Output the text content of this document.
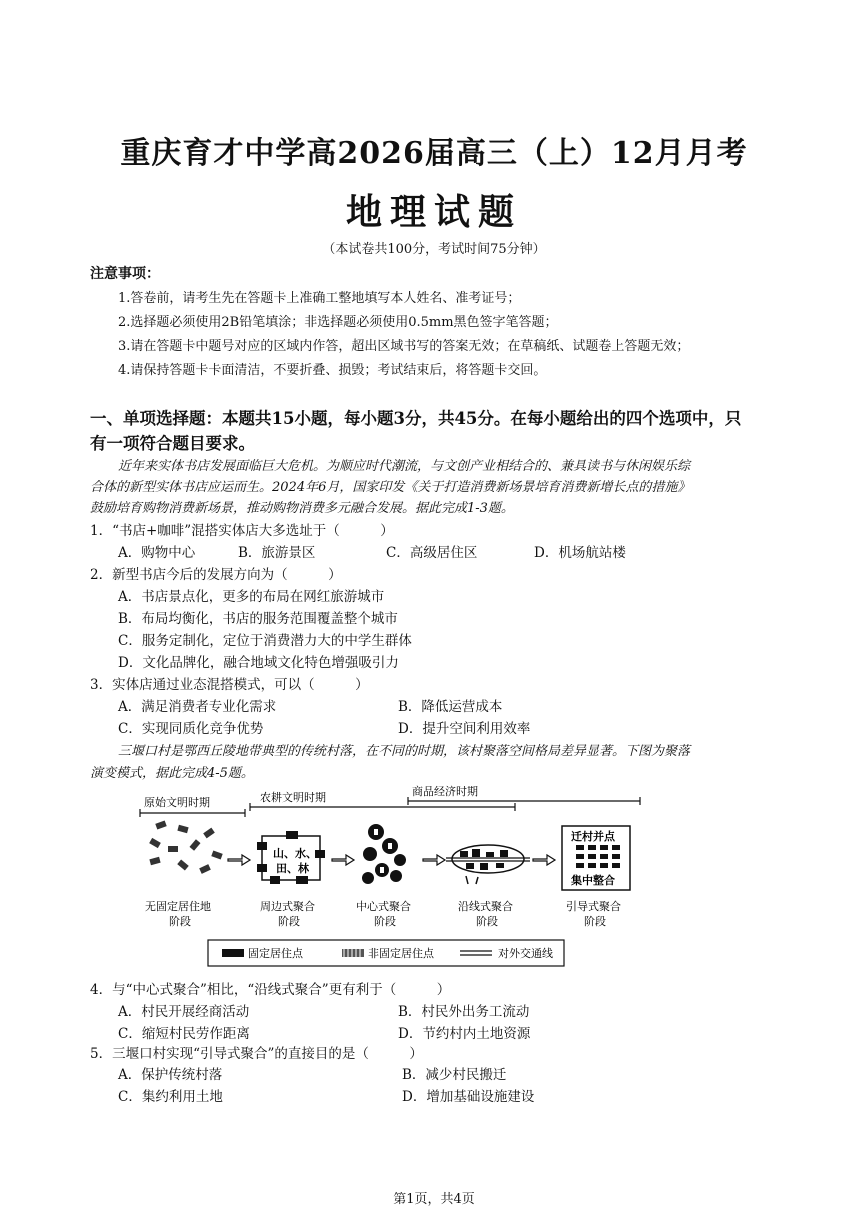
重庆育才中学高2026届高三（上）12月月考
地理试题
（本试卷共100分，考试时间75分钟）
注意事项：
1.答卷前，请考生先在答题卡上准确工整地填写本人姓名、准考证号；
2.选择题必须使用2B铅笔填涂；非选择题必须使用0.5mm黑色签字笔答题；
3.请在答题卡中题号对应的区域内作答，超出区域书写的答案无效；在草稿纸、试题卷上答题无效；
4.请保持答题卡卡面清洁，不要折叠、损毁；考试结束后，将答题卡交回。
一、单项选择题：本题共15小题，每小题3分，共45分。在每小题给出的四个选项中，只
有一项符合题目要求。
近年来实体书店发展面临巨大危机。为顺应时代潮流，与文创产业相结合的、兼具读书与休闲娱乐综
合体的新型实体书店应运而生。2024年6月，国家印发《关于打造消费新场景培育消费新增长点的措施》
鼓励培育购物消费新场景，推动购物消费多元融合发展。据此完成1-3题。
1．“书店+咖啡”混搭实体店大多选址于（　　　）
A．购物中心	B．旅游景区	C．高级居住区	D．机场航站楼
2．新型书店今后的发展方向为（　　　）
A．书店景点化，更多的布局在网红旅游城市
B．布局均衡化，书店的服务范围覆盖整个城市
C．服务定制化，定位于消费潜力大的中学生群体
D．文化品牌化，融合地域文化特色增强吸引力
3．实体店通过业态混搭模式，可以（　　　）
A．满足消费者专业化需求	B．降低运营成本
C．实现同质化竞争优势	D．提升空间利用效率
三堰口村是鄂西丘陵地带典型的传统村落，在不同的时期，该村聚落空间格局差异显著。下图为聚落
演变模式，据此完成4-5题。
原始文明时期	农耕文明时期	商品经济时期
山、水、
田、林
迁村并点
集中整合
无固定居住地
阶段
周边式聚合
阶段
中心式聚合
阶段
沿线式聚合
阶段
引导式聚合
阶段
固定居住点	非固定居住点	对外交通线
4．与“中心式聚合”相比，“沿线式聚合”更有利于（　　　）
A．村民开展经商活动	B．村民外出务工流动
C．缩短村民劳作距离	D．节约村内土地资源
5．三堰口村实现“引导式聚合”的直接目的是（　　　）
A．保护传统村落	B．减少村民搬迁
C．集约利用土地	D．增加基础设施建设
第1页，共4页
